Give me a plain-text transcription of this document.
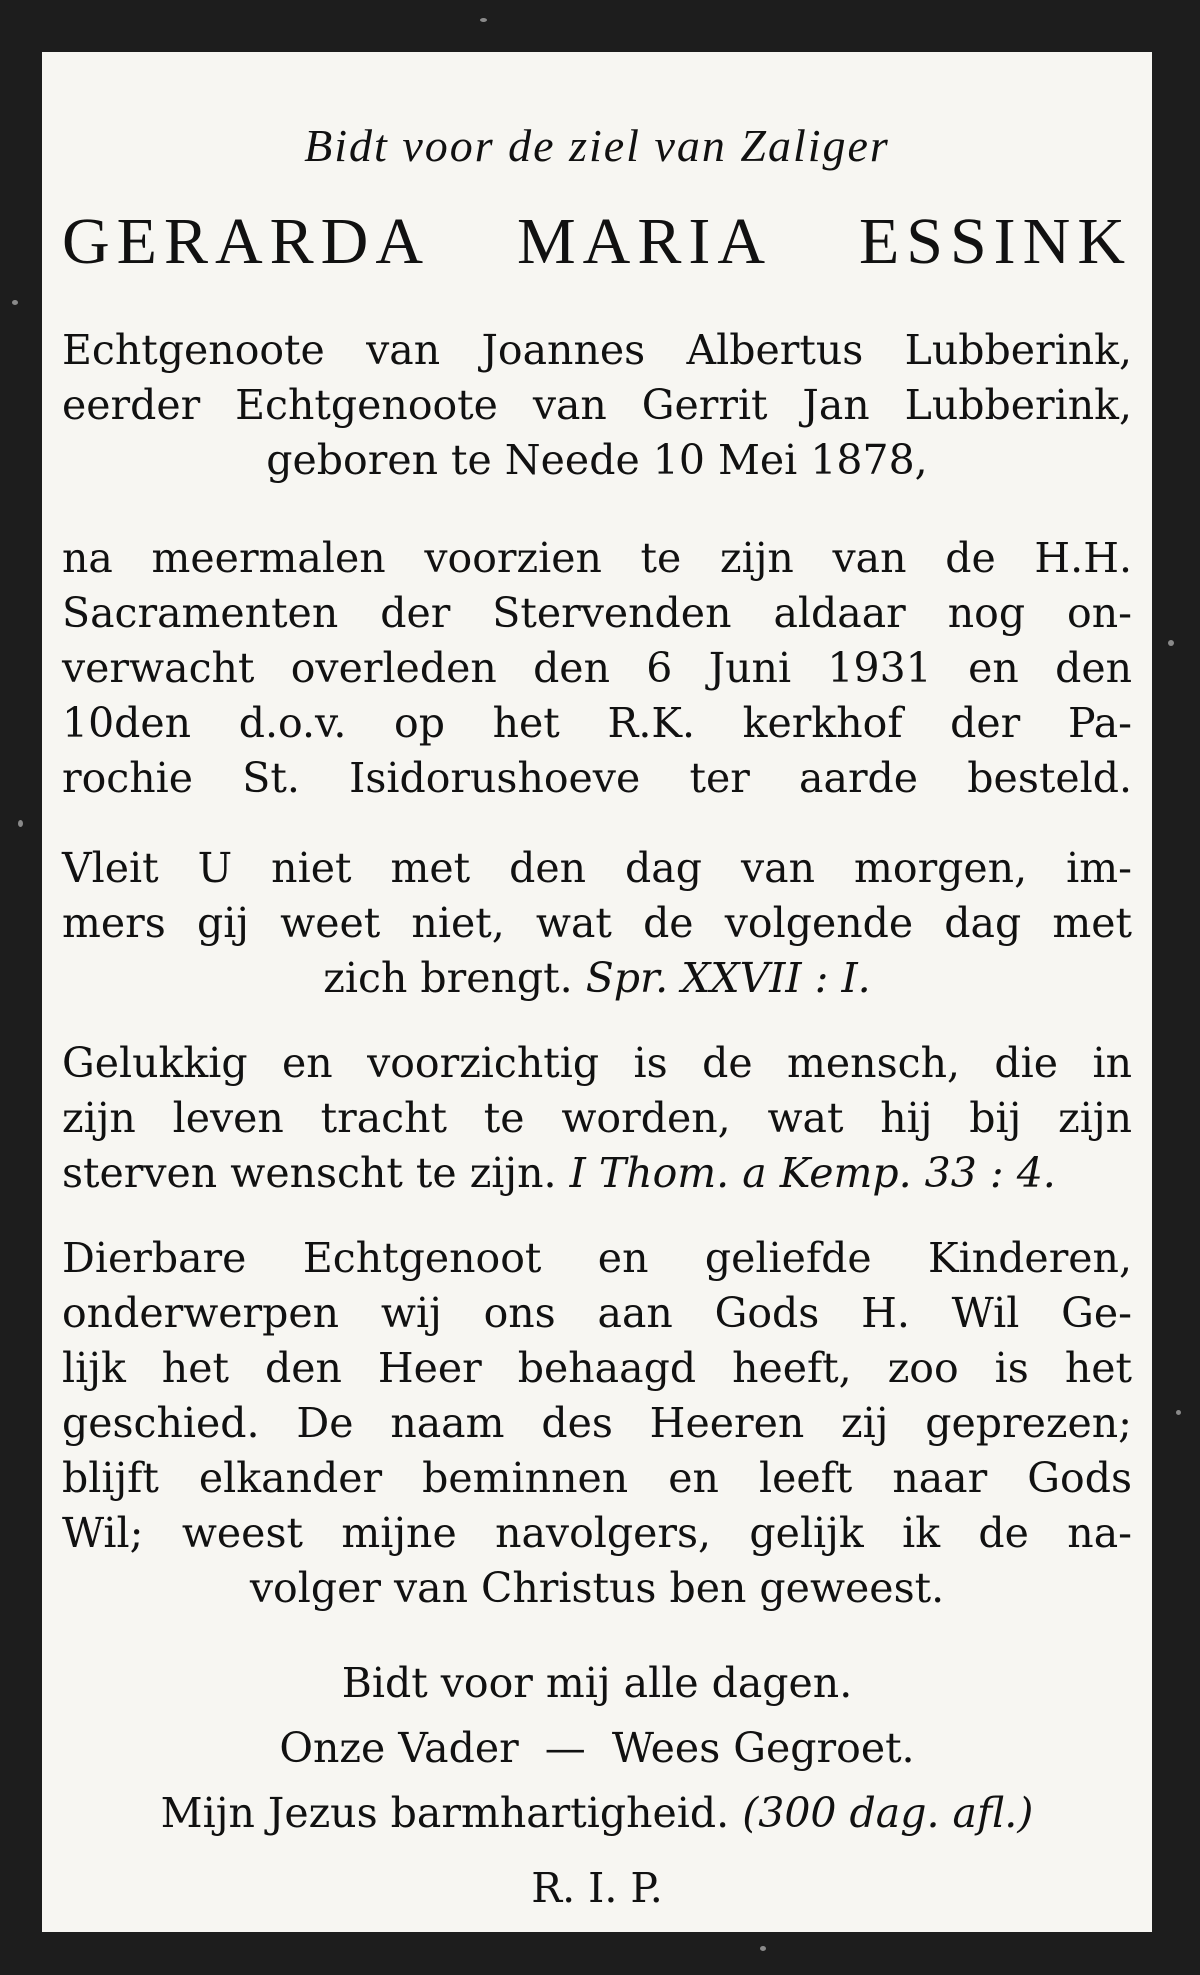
Bidt voor de ziel van Zaliger
GERARDA MARIA ESSINK
Echtgenoote van Joannes Albertus Lubberink,
eerder Echtgenoote van Gerrit Jan Lubberink,
geboren te Neede 10 Mei 1878,
na meermalen voorzien te zijn van de H.H.
Sacramenten der Stervenden aldaar nog on-
verwacht overleden den 6 Juni 1931 en den
10den d.o.v. op het R.K. kerkhof der Pa-
rochie St. Isidorushoeve ter aarde besteld.
Vleit U niet met den dag van morgen, im-
mers gij weet niet, wat de volgende dag met
zich brengt. Spr. XXVII : I.
Gelukkig en voorzichtig is de mensch, die in
zijn leven tracht te worden, wat hij bij zijn
sterven wenscht te zijn. I Thom. a Kemp. 33 : 4.
Dierbare Echtgenoot en geliefde Kinderen,
onderwerpen wij ons aan Gods H. Wil Ge-
lijk het den Heer behaagd heeft, zoo is het
geschied. De naam des Heeren zij geprezen;
blijft elkander beminnen en leeft naar Gods
Wil; weest mijne navolgers, gelijk ik de na-
volger van Christus ben geweest.
Bidt voor mij alle dagen.
Onze Vader — Wees Gegroet.
Mijn Jezus barmhartigheid. (300 dag. afl.)
R. I. P.
